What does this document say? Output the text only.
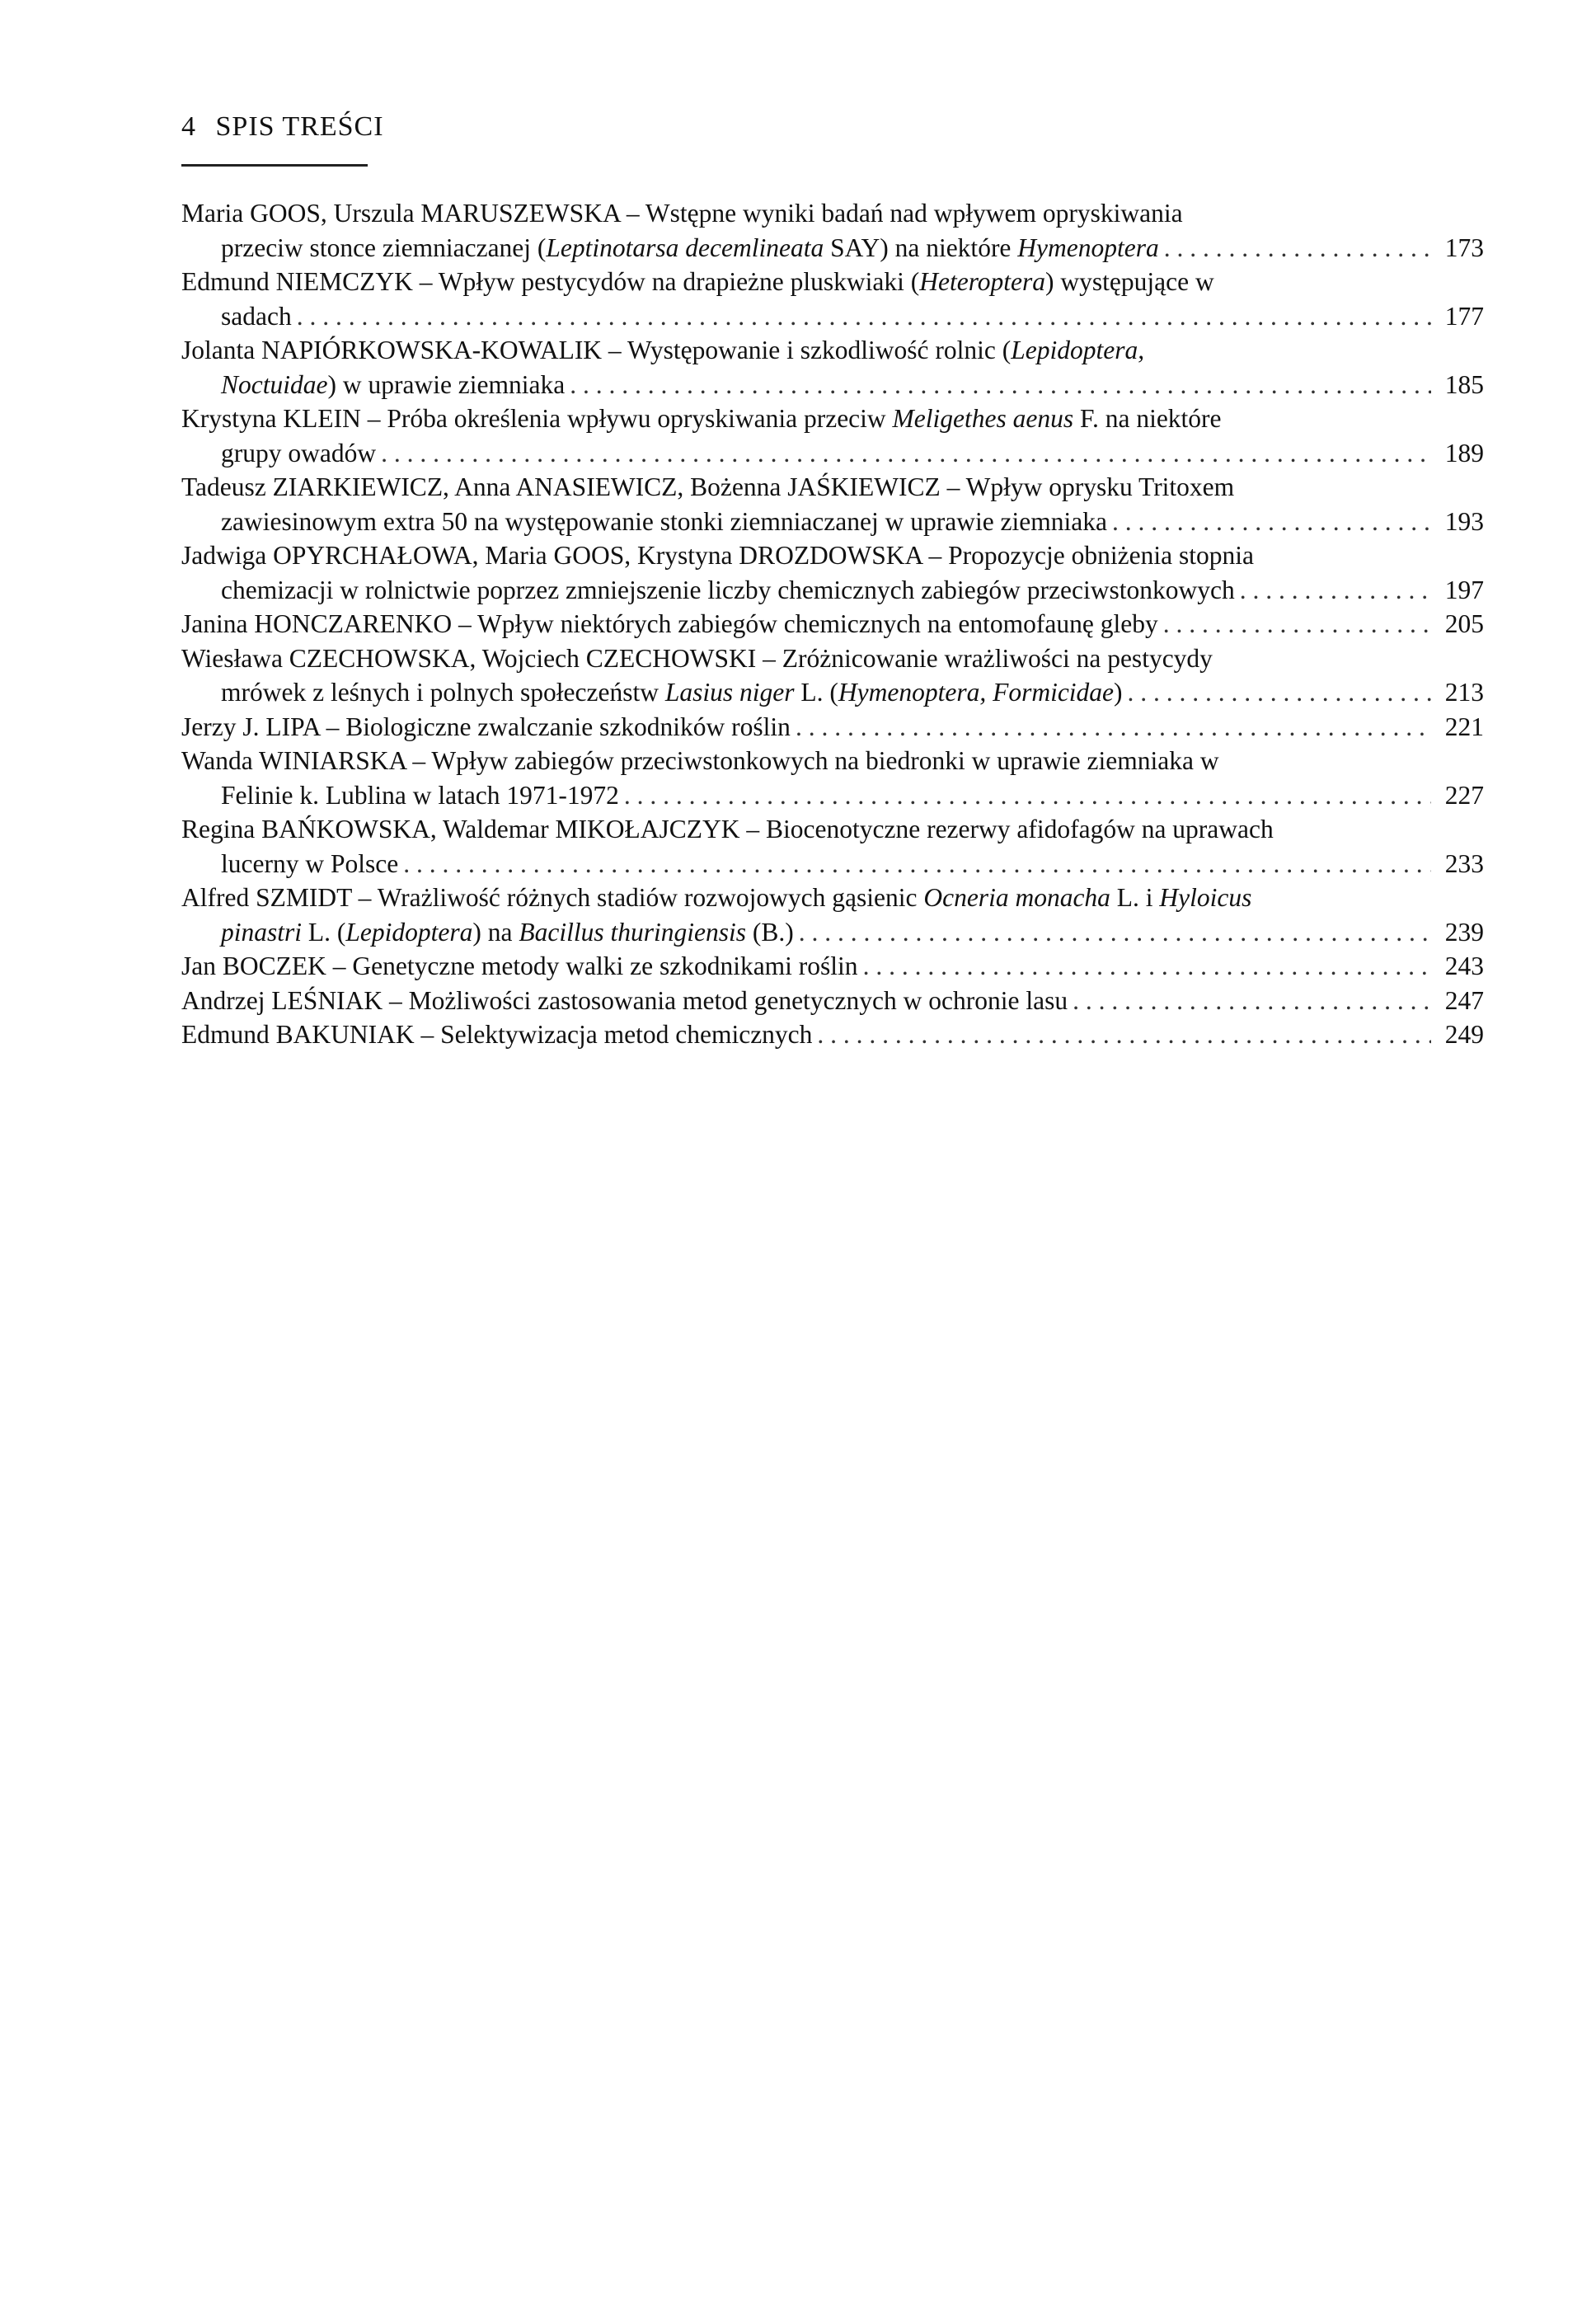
4 SPIS TREŚCI
Maria GOOS, Urszula MARUSZEWSKA – Wstępne wyniki badań nad wpływem opryskiwania
przeciw stonce ziemniaczanej (Leptinotarsa decemlineata SAY) na niektóre Hymenoptera . . .	173
Edmund NIEMCZYK – Wpływ pestycydów na drapieżne pluskwiaki (Heteroptera) występujące w
sadach . . .	177
Jolanta NAPIÓRKOWSKA-KOWALIK – Występowanie i szkodliwość rolnic (Lepidoptera,
Noctuidae) w uprawie ziemniaka . . .	185
Krystyna KLEIN – Próba określenia wpływu opryskiwania przeciw Meligethes aenus F. na niektóre
grupy owadów . . .	189
Tadeusz ZIARKIEWICZ, Anna ANASIEWICZ, Bożenna JAŚKIEWICZ – Wpływ oprysku Tritoxem
zawiesinowym extra 50 na występowanie stonki ziemniaczanej w uprawie ziemniaka . . .	193
Jadwiga OPYRCHAŁOWA, Maria GOOS, Krystyna DROZDOWSKA – Propozycje obniżenia stopnia
chemizacji w rolnictwie poprzez zmniejszenie liczby chemicznych zabiegów przeciwstonkowych . . .	197
Janina HONCZARENKO – Wpływ niektórych zabiegów chemicznych na entomofaunę gleby . . .	205
Wiesława CZECHOWSKA, Wojciech CZECHOWSKI – Zróżnicowanie wrażliwości na pestycydy
mrówek z leśnych i polnych społeczeństw Lasius niger L. (Hymenoptera, Formicidae) . . .	213
Jerzy J. LIPA – Biologiczne zwalczanie szkodników roślin . . .	221
Wanda WINIARSKA – Wpływ zabiegów przeciwstonkowych na biedronki w uprawie ziemniaka w
Felinie k. Lublina w latach 1971-1972 . . .	227
Regina BAŃKOWSKA, Waldemar MIKOŁAJCZYK – Biocenotyczne rezerwy afidofagów na uprawach
lucerny w Polsce . . .	233
Alfred SZMIDT – Wrażliwość różnych stadiów rozwojowych gąsienic Ocneria monacha L. i Hyloicus
pinastri L. (Lepidoptera) na Bacillus thuringiensis (B.) . . .	239
Jan BOCZEK – Genetyczne metody walki ze szkodnikami roślin . . .	243
Andrzej LEŚNIAK – Możliwości zastosowania metod genetycznych w ochronie lasu . . .	247
Edmund BAKUNIAK – Selektywizacja metod chemicznych . . .	249
